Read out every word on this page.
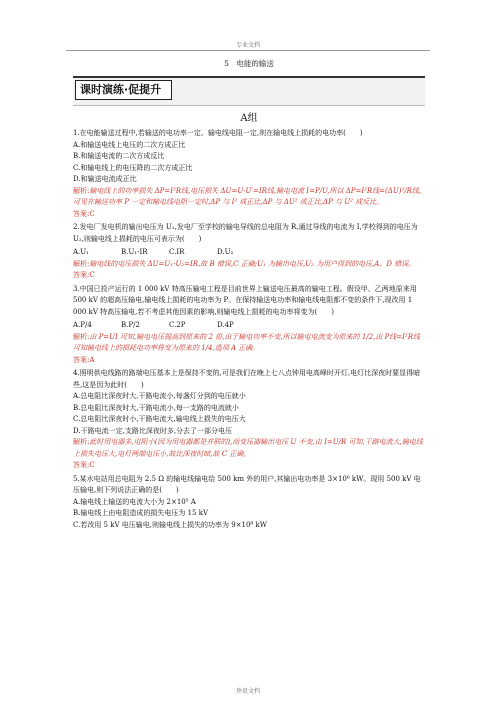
专业文档
5　电能的输送
课时演练·促提升
A组

1.在电能输送过程中,若输送的电功率一定、输电线电阻一定,则在输电线上损耗的电功率(　　)

A.和输送电线上电压的二次方成正比

B.和输送电流的二次方成反比

C.和输电线上的电压降的二次方成正比

D.和输送电流成正比

解析:输电线上的功率损失 ΔP=I²R线,电压损失 ΔU=U-U′=IR线,输电电流 I=P/U,所以 ΔP=I²R线=(ΔU)²/R线,可见在输送功率 P 一定和输电线电阻一定时,ΔP 与 I² 成正比,ΔP 与 ΔU² 成正比,ΔP 与 U² 成反比。

答案:C

2.发电厂发电机的输出电压为 U₁,发电厂至学校的输电导线的总电阻为 R,通过导线的电流为 I,学校得到的电压为 U₂,则输电线上损耗的电压可表示为(　　)

A.U₁	B.U₁-IR	C.IR	D.U₂

解析:输电线的电压损失 ΔU=U₁-U₂=IR,故 B 错误,C 正确;U₁ 为输出电压,U₂ 为用户得到的电压,A、D 错误。

答案:C

3.中国已投产运行的 1 000 kV 特高压输电工程是目前世界上输送电压最高的输电工程。假设甲、乙两地原来用 500 kV 的超高压输电,输电线上损耗的电功率为 P。在保持输送电功率和输电线电阻都不变的条件下,现改用 1 000 kV 特高压输电,若不考虑其他因素的影响,则输电线上损耗的电功率将变为(　　)

A.P/4	B.P/2	C.2P	D.4P

解析:由 P=UI 可知,输电电压提高到原来的 2 倍,由于输电功率不变,所以输电电流变为原来的 1/2,由 P线=I²R线 可知输电线上的损耗电功率将变为原来的 1/4,选项 A 正确。

答案:A

4.照明供电线路的路端电压基本上是保持不变的,可是我们在晚上七八点钟用电高峰时开灯,电灯比深夜时要显得暗些,这是因为此时(　　)

A.总电阻比深夜时大,干路电流小,每盏灯分到的电压就小

B.总电阻比深夜时大,干路电流小,每一支路的电流就小

C.总电阻比深夜时小,干路电流大,输电线上损失的电压大

D.干路电流一定,支路比深夜时多,分去了一部分电压

解析:此时用电器多,电阻小(因为用电器都是并联的),而变压器输出电压 U 不变,由 I=U/R 可知,干路电流大,输电线上损失电压大,电灯两端电压小,故比深夜时暗,故 C 正确。

答案:C

5.某水电站用总电阻为 2.5 Ω 的输电线输电给 500 km 外的用户,其输出电功率是 3×10⁶ kW。现用 500 kV 电压输电,则下列说法正确的是(　　)

A.输电线上输送的电流大小为 2×10⁵ A

B.输电线上由电阻造成的损失电压为 15 kV

C.若改用 5 kV 电压输电,则输电线上损失的功率为 9×10⁸ kW

珍贵文档
